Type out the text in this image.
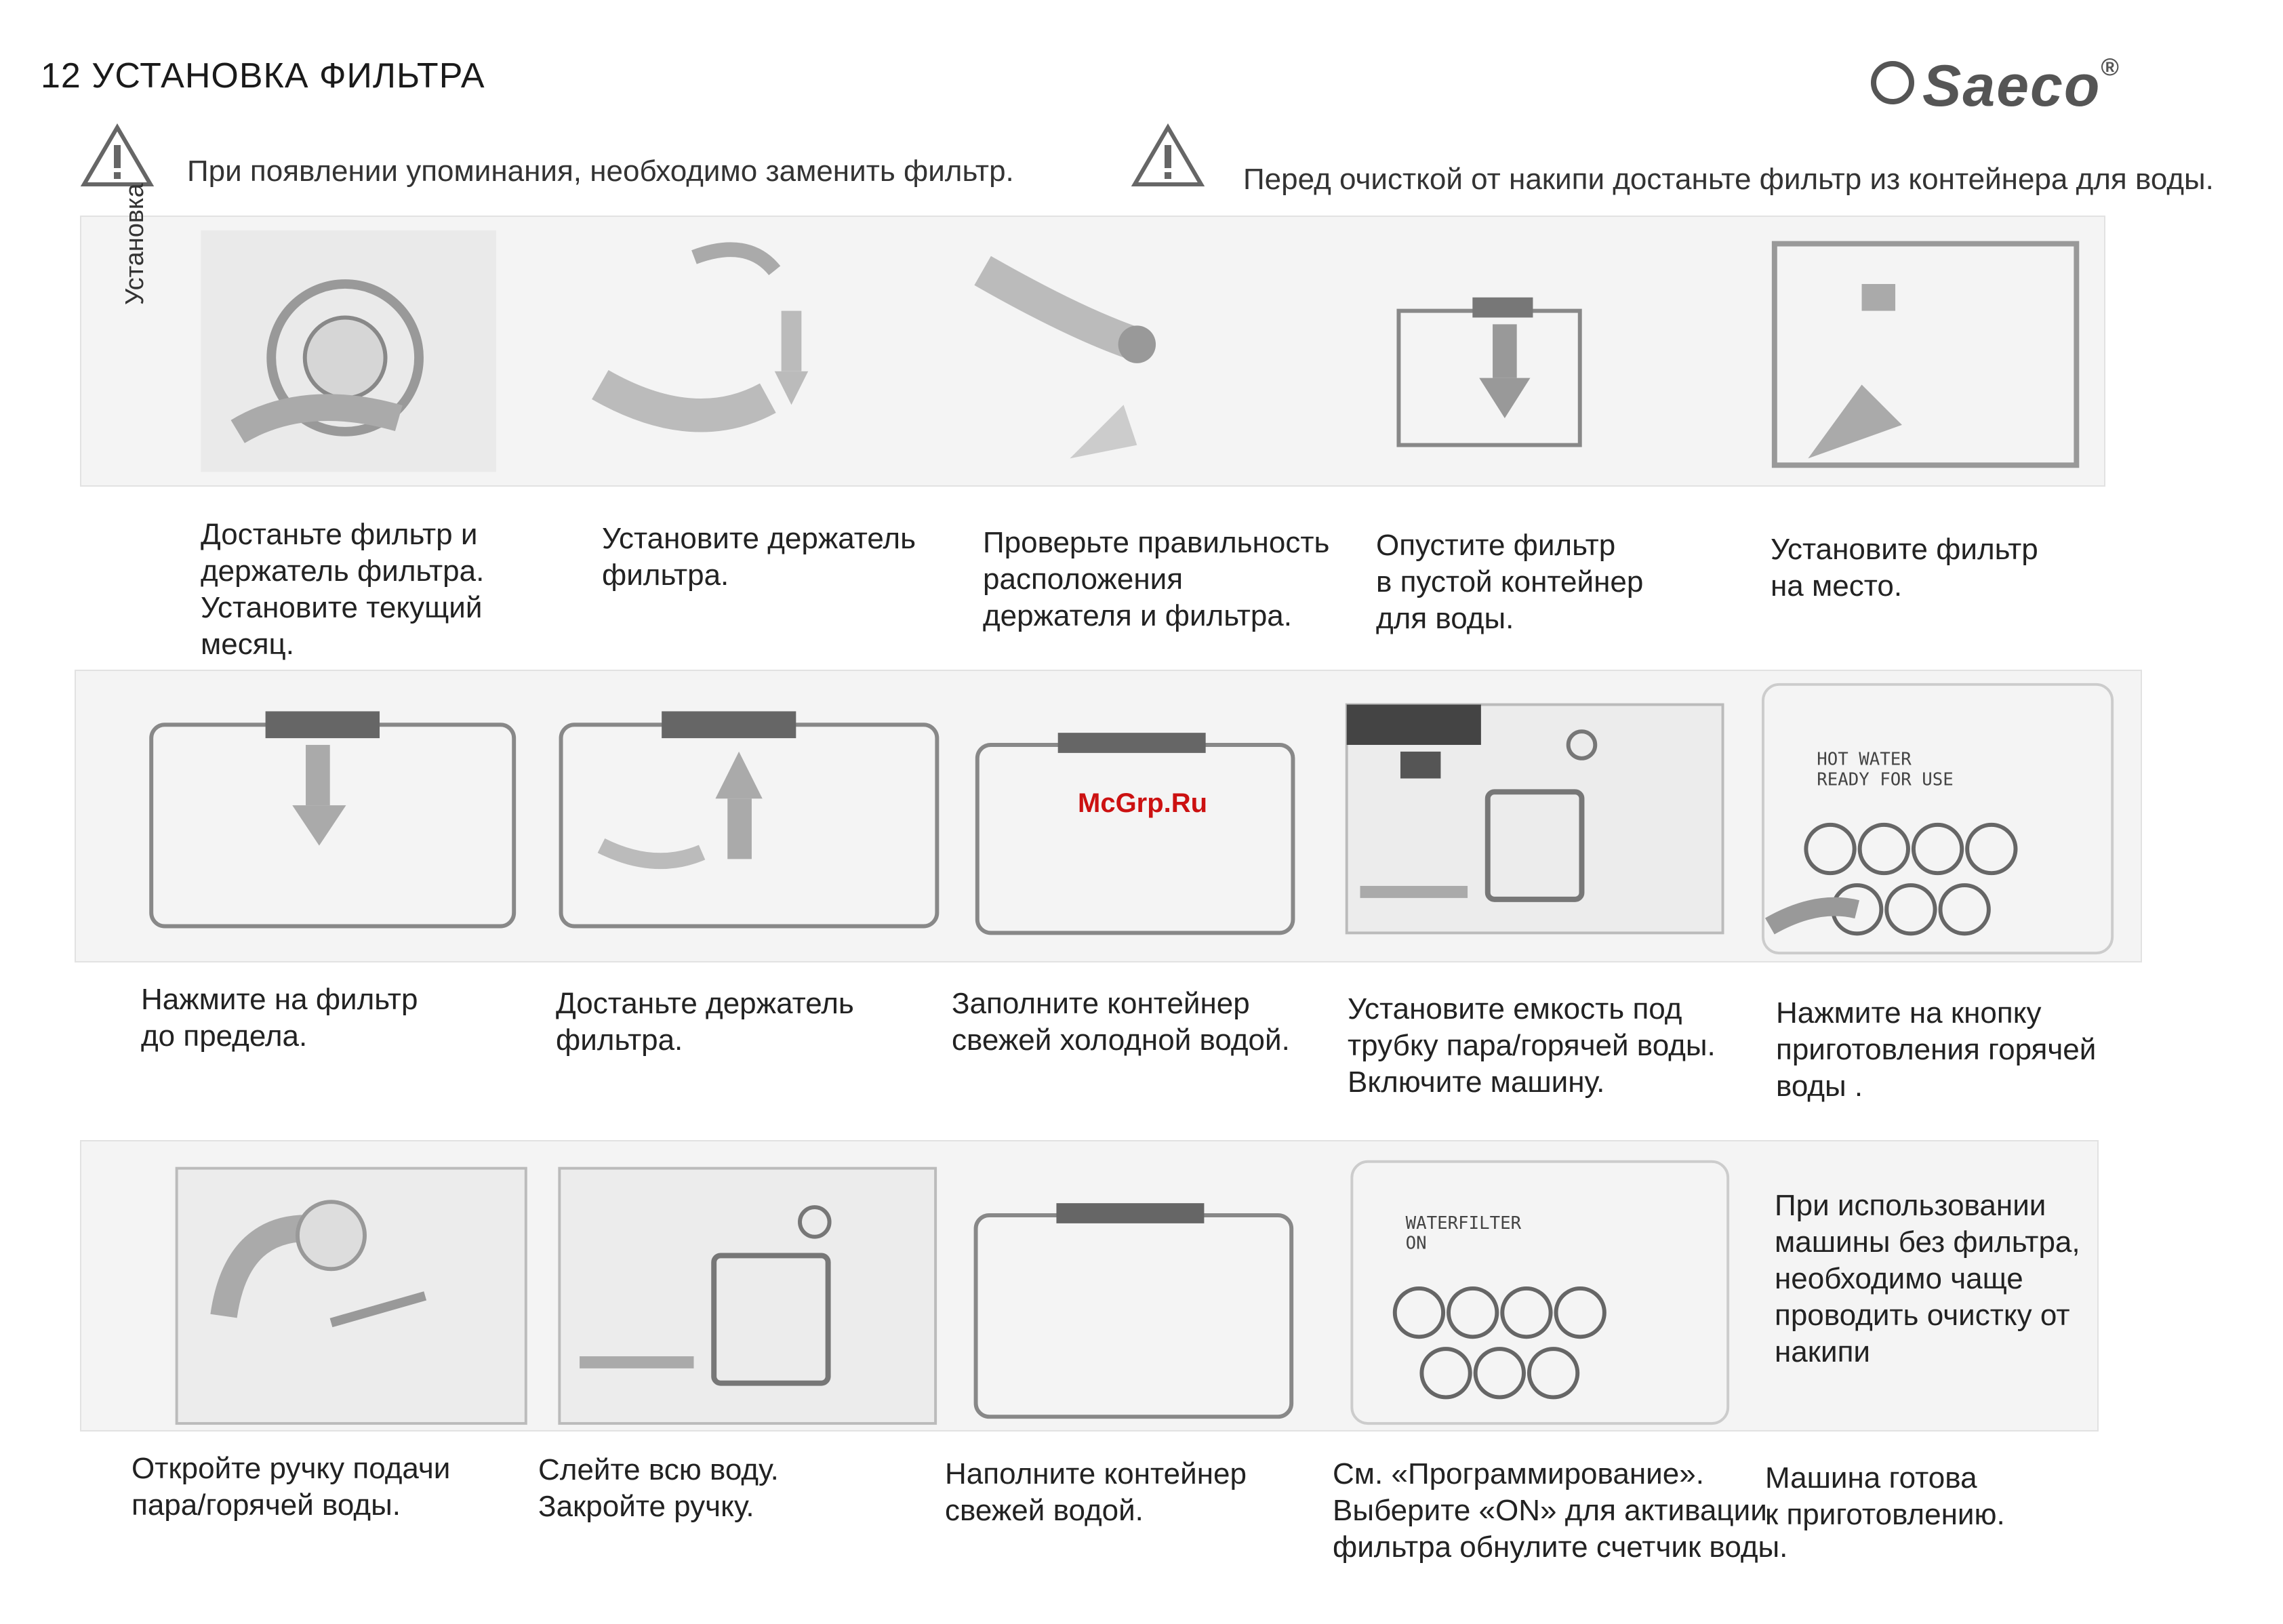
12 УСТАНОВКА ФИЛЬТРА	Saeco®
При появлении упоминания, необходимо заменить фильтр.	Перед очисткой от накипи достаньте фильтр из контейнера для воды.
Установка
Достаньте фильтр и
держатель фильтра.
Установите текущий
месяц.
Установите держатель
фильтра.
Проверьте правильность
расположения
держателя и фильтра.
Опустите фильтр
в пустой контейнер
для воды.
Установите фильтр
на место.
HOT WATER
READY FOR USE
McGrp.Ru
Нажмите на фильтр
до предела.
Достаньте держатель
фильтра.
Заполните контейнер
свежей холодной водой.
Установите емкость под
трубку пара/горячей воды.
Включите машину.
Нажмите на кнопку
приготовления горячей
воды .
WATERFILTER
ON
При использовании
машины без фильтра,
необходимо чаще
проводить очистку от
накипи
Откройте ручку подачи
пара/горячей воды.
Слейте всю воду.
Закройте ручку.
Наполните контейнер
свежей водой.
См. «Программирование».
Выберите «ON» для активации
фильтра обнулите счетчик воды.
Машина готова
к приготовлению.
